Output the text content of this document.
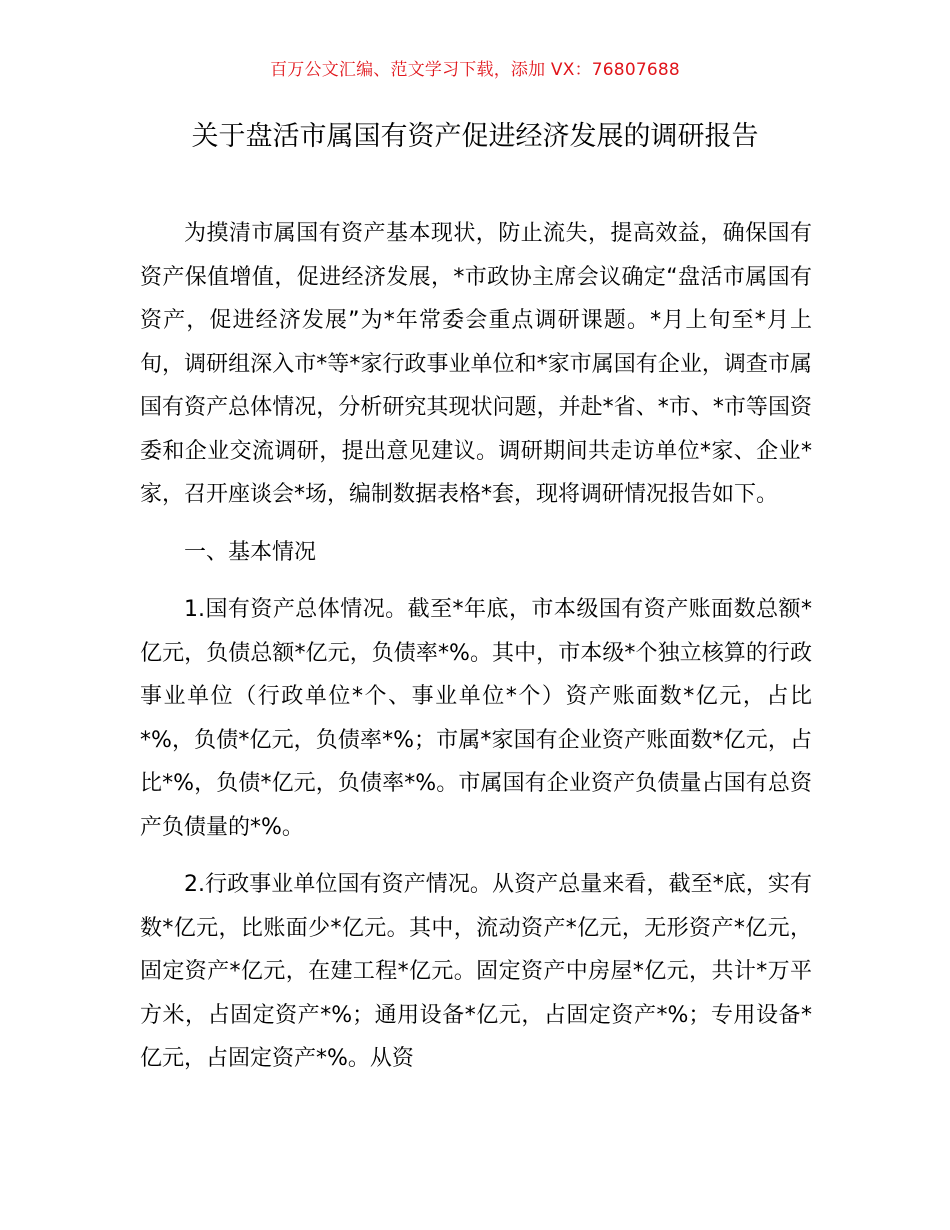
百万公文汇编、范文学习下载，添加 VX：76807688
关于盘活市属国有资产促进经济发展的调研报告

为摸清市属国有资产基本现状，防止流失，提高效益，确保国有资产保值增值，促进经济发展，*市政协主席会议确定“盘活市属国有资产，促进经济发展”为*年常委会重点调研课题。*月上旬至*月上旬，调研组深入市*等*家行政事业单位和*家市属国有企业，调查市属国有资产总体情况，分析研究其现状问题，并赴*省、*市、*市等国资委和企业交流调研，提出意见建议。调研期间共走访单位*家、企业*家，召开座谈会*场，编制数据表格*套，现将调研情况报告如下。

一、基本情况

1.国有资产总体情况。截至*年底，市本级国有资产账面数总额*亿元，负债总额*亿元，负债率*%。其中，市本级*个独立核算的行政事业单位（行政单位*个、事业单位*个）资产账面数*亿元，占比*%，负债*亿元，负债率*%；市属*家国有企业资产账面数*亿元，占比*%，负债*亿元，负债率*%。市属国有企业资产负债量占国有总资产负债量的*%。

2.行政事业单位国有资产情况。从资产总量来看，截至*底，实有数*亿元，比账面少*亿元。其中，流动资产*亿元，无形资产*亿元，固定资产*亿元，在建工程*亿元。固定资产中房屋*亿元，共计*万平方米，占固定资产*%；通用设备*亿元，占固定资产*%；专用设备*亿元，占固定资产*%。从资
